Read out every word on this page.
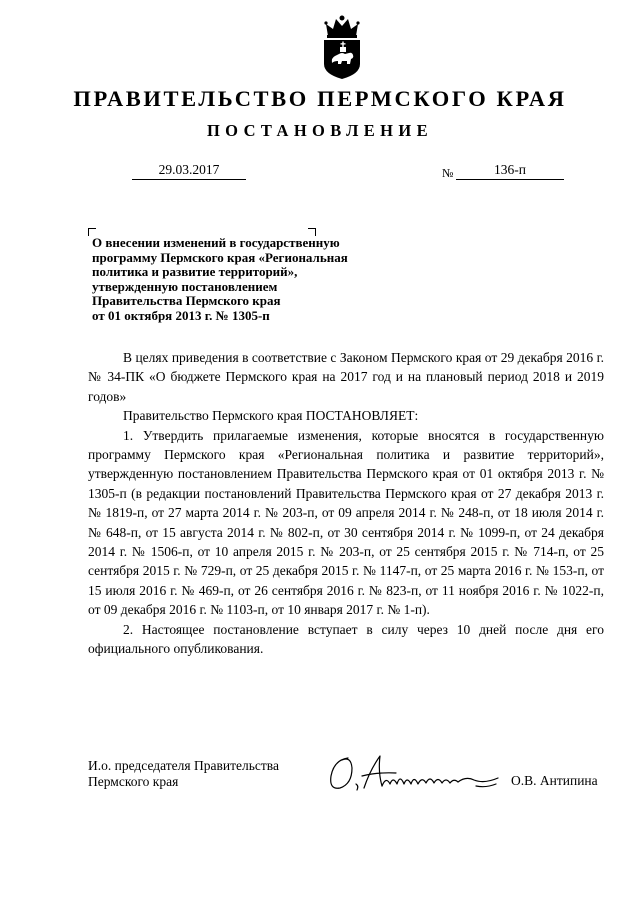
ПРАВИТЕЛЬСТВО ПЕРМСКОГО КРАЯ
ПОСТАНОВЛЕНИЕ
29.03.2017	№	136-п
О внесении изменений в государственную
программу Пермского края «Региональная
политика и развитие территорий»,
утвержденную постановлением
Правительства Пермского края
от 01 октября 2013 г. № 1305-п

В целях приведения в соответствие с Законом Пермского края от 29 декабря 2016 г. № 34-ПК «О бюджете Пермского края на 2017 год и на плановый период 2018 и 2019 годов»

Правительство Пермского края ПОСТАНОВЛЯЕТ:

1. Утвердить прилагаемые изменения, которые вносятся в государственную программу Пермского края «Региональная политика и развитие территорий», утвержденную постановлением Правительства Пермского края от 01 октября 2013 г. № 1305-п (в редакции постановлений Правительства Пермского края от 27 декабря 2013 г. № 1819-п, от 27 марта 2014 г. № 203-п, от 09 апреля 2014 г. № 248-п, от 18 июля 2014 г. № 648-п, от 15 августа 2014 г. № 802-п, от 30 сентября 2014 г. № 1099-п, от 24 декабря 2014 г. № 1506-п, от 10 апреля 2015 г. № 203-п, от 25 сентября 2015 г. № 714-п, от 25 сентября 2015 г. № 729-п, от 25 декабря 2015 г. № 1147-п, от 25 марта 2016 г. № 153-п, от 15 июля 2016 г. № 469-п, от 26 сентября 2016 г. № 823-п, от 11 ноября 2016 г. № 1022-п, от 09 декабря 2016 г. № 1103-п, от 10 января 2017 г. № 1-п).

2. Настоящее постановление вступает в силу через 10 дней после дня его официального опубликования.

И.о. председателя Правительства
Пермского края	О.В. Антипина
